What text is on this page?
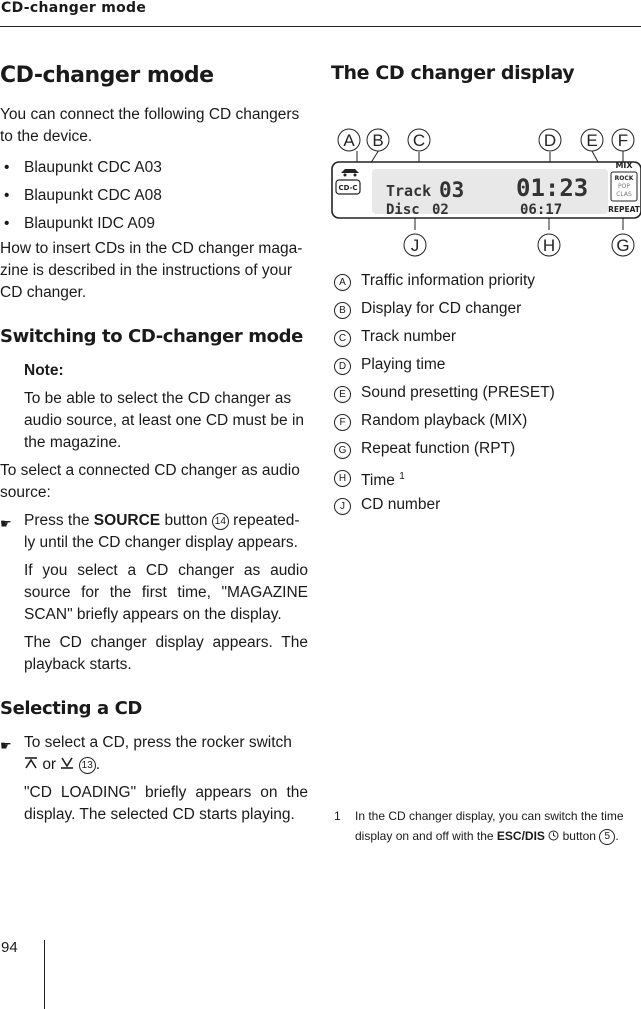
CD-changer mode
CD-changer mode

You can connect the following CD changers to the device.

• Blaupunkt CDC A03
• Blaupunkt CDC A08
• Blaupunkt IDC A09

How to insert CDs in the CD changer maga-zine is described in the instructions of your CD changer.

Switching to CD-changer mode
Note:

To be able to select the CD changer as audio source, at least one CD must be in the magazine.

To select a connected CD changer as audio source:

☛ Press the SOURCE button 14 repeated-ly until the CD changer display appears.

If you select a CD changer as audio source for the first time, "MAGAZINE SCAN" briefly appears on the display.

The CD changer display appears. The playback starts.

Selecting a CD
☛ To select a CD, press the rocker switch
or	13 .

"CD LOADING" briefly appears on the display. The selected CD starts playing.

The CD changer display
CD-C Track 03
Disc 02
01:23
06:17
MIX
ROCK
POP
CLAS
REPEAT
A B C	D E F
J	H	G
A Traffic information priority
B Display for CD changer
C Track number
D Playing time
E Sound presetting (PRESET)
F Random playback (MIX)
G Repeat function (RPT)
H Time $^1$
J	CD number
1	In the CD changer display, you can switch the time display on and off with the ESC/DIS button 5 .
94
